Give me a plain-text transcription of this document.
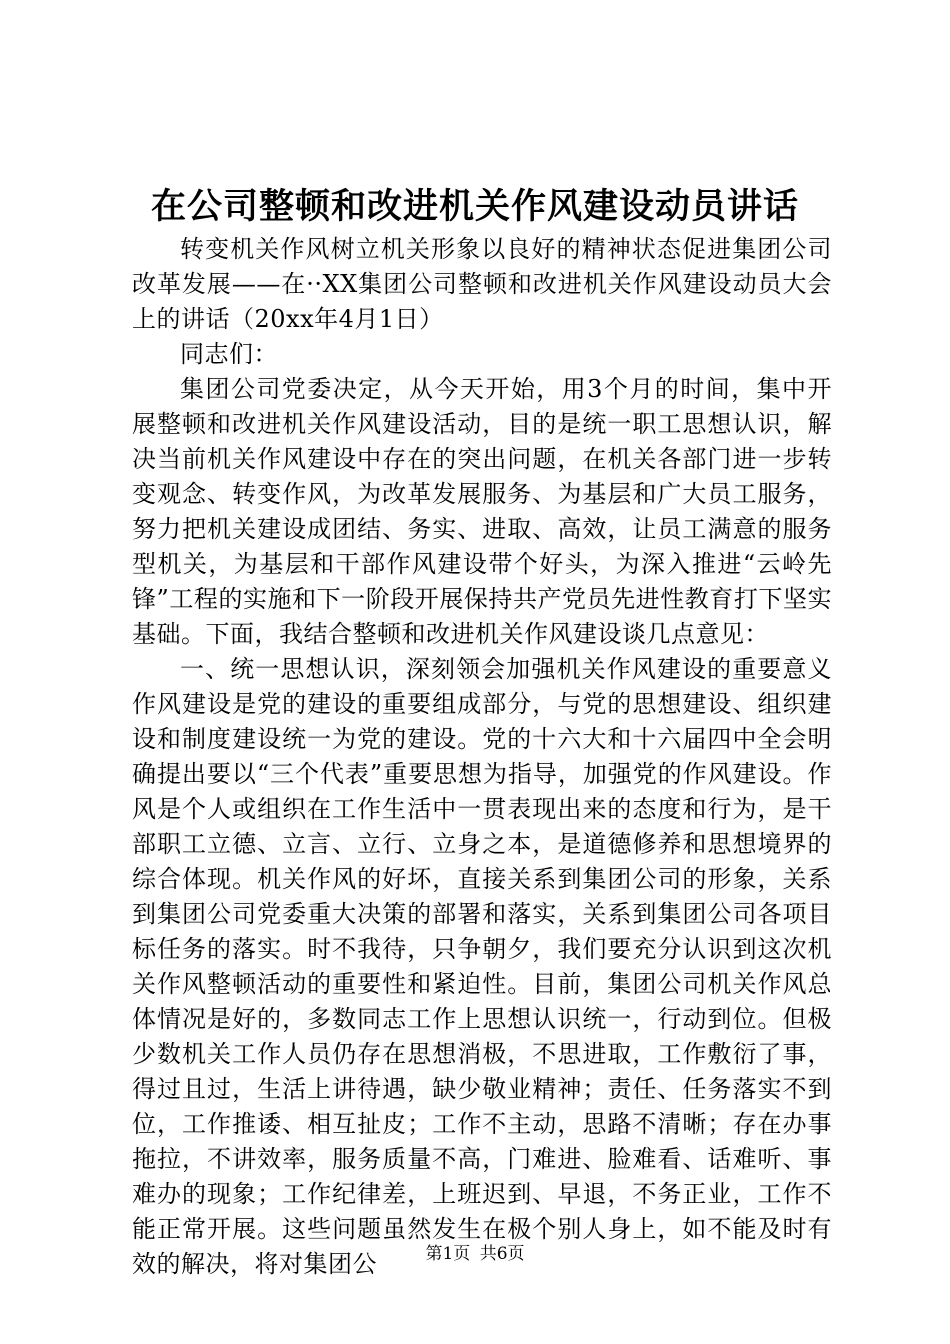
在公司整顿和改进机关作风建设动员讲话

转变机关作风树立机关形象以良好的精神状态促进集团公司改革发展——在··XX集团公司整顿和改进机关作风建设动员大会上的讲话（20xx年4月1日）

同志们：

集团公司党委决定，从今天开始，用3个月的时间，集中开展整顿和改进机关作风建设活动，目的是统一职工思想认识，解决当前机关作风建设中存在的突出问题，在机关各部门进一步转变观念、转变作风，为改革发展服务、为基层和广大员工服务，努力把机关建设成团结、务实、进取、高效，让员工满意的服务型机关，为基层和干部作风建设带个好头，为深入推进“云岭先锋”工程的实施和下一阶段开展保持共产党员先进性教育打下坚实基础。下面，我结合整顿和改进机关作风建设谈几点意见：

一、统一思想认识，深刻领会加强机关作风建设的重要意义作风建设是党的建设的重要组成部分，与党的思想建设、组织建设和制度建设统一为党的建设。党的十六大和十六届四中全会明确提出要以“三个代表”重要思想为指导，加强党的作风建设。作风是个人或组织在工作生活中一贯表现出来的态度和行为，是干部职工立德、立言、立行、立身之本，是道德修养和思想境界的综合体现。机关作风的好坏，直接关系到集团公司的形象，关系到集团公司党委重大决策的部署和落实，关系到集团公司各项目标任务的落实。时不我待，只争朝夕，我们要充分认识到这次机关作风整顿活动的重要性和紧迫性。目前，集团公司机关作风总体情况是好的，多数同志工作上思想认识统一，行动到位。但极少数机关工作人员仍存在思想消极，不思进取，工作敷衍了事，得过且过，生活上讲待遇，缺少敬业精神；责任、任务落实不到位，工作推诿、相互扯皮；工作不主动，思路不清晰；存在办事拖拉，不讲效率，服务质量不高，门难进、脸难看、话难听、事难办的现象；工作纪律差，上班迟到、早退，不务正业，工作不能正常开展。这些问题虽然发生在极个别人身上，如不能及时有效的解决，将对集团公	第1页 共6页
